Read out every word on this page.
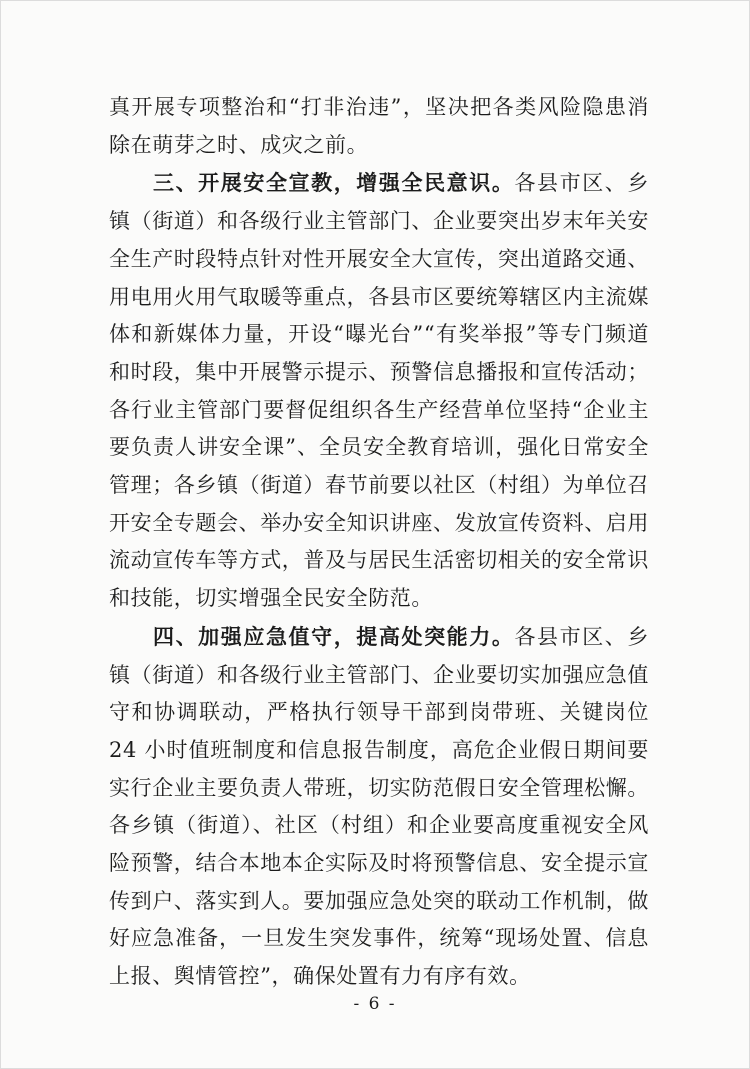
真开展专项整治和“打非治违”，坚决把各类风险隐患消除在萌芽之时、成灾之前。

三、开展安全宣教，增强全民意识。各县市区、乡镇（街道）和各级行业主管部门、企业要突出岁末年关安全生产时段特点针对性开展安全大宣传，突出道路交通、用电用火用气取暖等重点，各县市区要统筹辖区内主流媒体和新媒体力量，开设“曝光台”“有奖举报”等专门频道和时段，集中开展警示提示、预警信息播报和宣传活动；各行业主管部门要督促组织各生产经营单位坚持“企业主要负责人讲安全课”、全员安全教育培训，强化日常安全管理；各乡镇（街道）春节前要以社区（村组）为单位召开安全专题会、举办安全知识讲座、发放宣传资料、启用流动宣传车等方式，普及与居民生活密切相关的安全常识和技能，切实增强全民安全防范。

四、加强应急值守，提高处突能力。各县市区、乡镇（街道）和各级行业主管部门、企业要切实加强应急值守和协调联动，严格执行领导干部到岗带班、关键岗位 24 小时值班制度和信息报告制度，高危企业假日期间要实行企业主要负责人带班，切实防范假日安全管理松懈。各乡镇（街道）、社区（村组）和企业要高度重视安全风险预警，结合本地本企实际及时将预警信息、安全提示宣传到户、落实到人。要加强应急处突的联动工作机制，做好应急准备，一旦发生突发事件，统筹“现场处置、信息上报、舆情管控”，确保处置有力有序有效。

- 6 -
